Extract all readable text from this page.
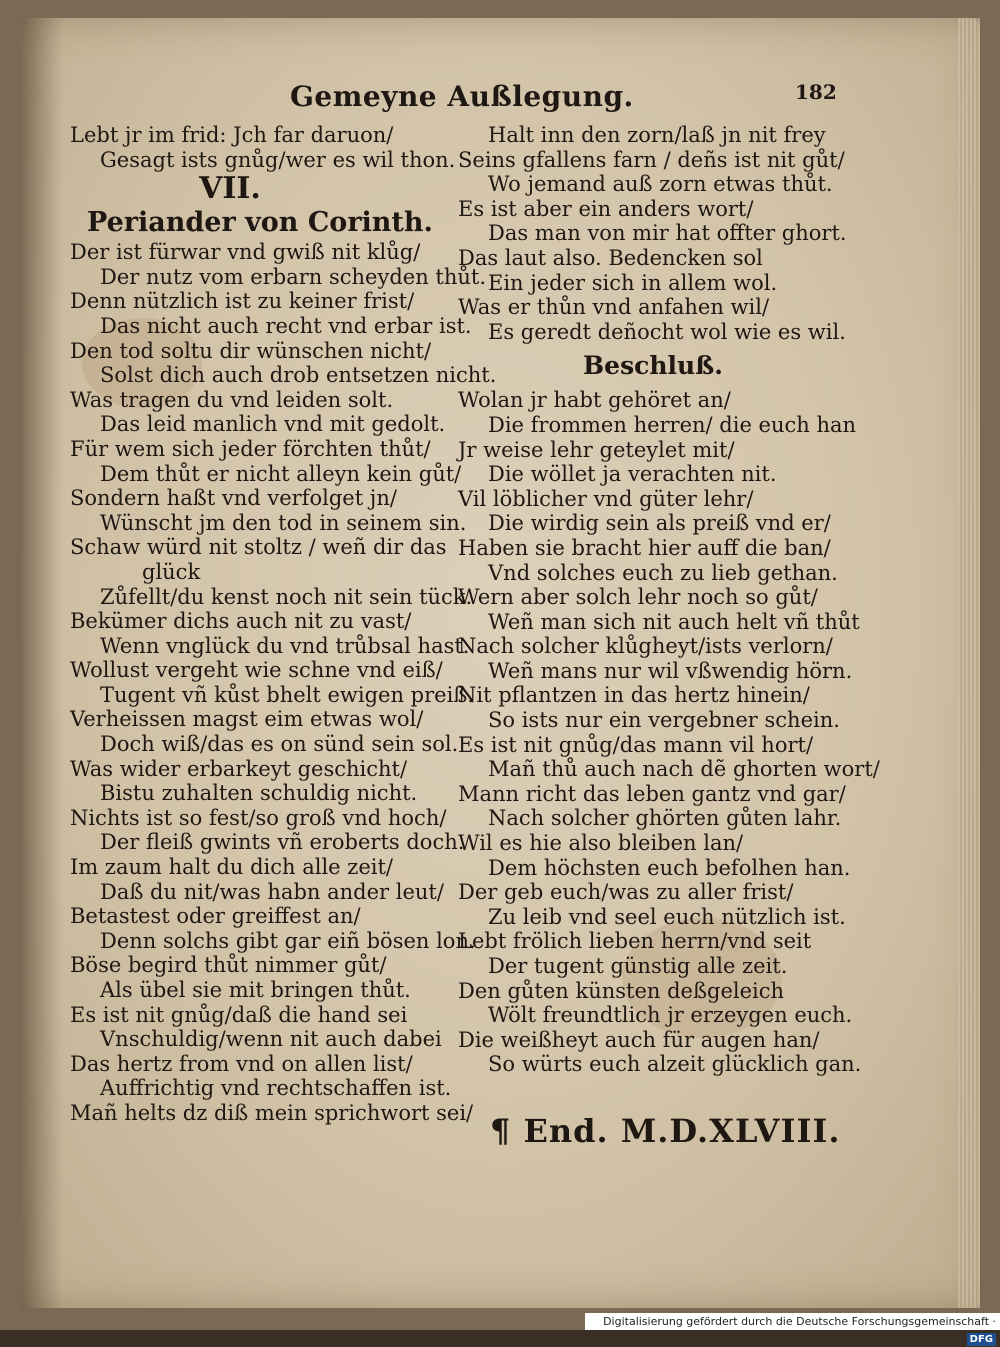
Gemeyne Außlegung.	182
Lebt jr im frid: Jch far daruon/
Gesagt ists gnůg/wer es wil thon.
VII.
Periander von Corinth.
Der ist fürwar vnd gwiß nit klůg/
Der nutz vom erbarn scheyden thůt.
Denn nützlich ist zu keiner frist/
Das nicht auch recht vnd erbar ist.
Den tod soltu dir wünschen nicht/
Solst dich auch drob entsetzen nicht.
Was tragen du vnd leiden solt.
Das leid manlich vnd mit gedolt.
Für wem sich jeder förchten thůt/
Dem thůt er nicht alleyn kein gůt/
Sondern haßt vnd verfolget jn/
Wünscht jm den tod in seinem sin.
Schaw würd nit stoltz / weñ dir das
glück
Zůfellt/du kenst noch nit sein tück.
Bekümer dichs auch nit zu vast/
Wenn vnglück du vnd trůbsal hast.
Wollust vergeht wie schne vnd eiß/
Tugent vñ kůst bhelt ewigen preiß.
Verheissen magst eim etwas wol/
Doch wiß/das es on sünd sein sol.
Was wider erbarkeyt geschicht/
Bistu zuhalten schuldig nicht.
Nichts ist so fest/so groß vnd hoch/
Der fleiß gwints vñ eroberts doch.
Im zaum halt du dich alle zeit/
Daß du nit/was habn ander leut/
Betastest oder greiffest an/
Denn solchs gibt gar eiñ bösen lon.
Böse begird thůt nimmer gůt/
Als übel sie mit bringen thůt.
Es ist nit gnůg/daß die hand sei
Vnschuldig/wenn nit auch dabei
Das hertz from vnd on allen list/
Auffrichtig vnd rechtschaffen ist.
Mañ helts dz diß mein sprichwort sei/
Halt inn den zorn/laß jn nit frey
Seins gfallens farn / deñs ist nit gůt/
Wo jemand auß zorn etwas thůt.
Es ist aber ein anders wort/
Das man von mir hat offter ghort.
Das laut also. Bedencken sol
Ein jeder sich in allem wol.
Was er thůn vnd anfahen wil/
Es geredt deñocht wol wie es wil.
Beschluß.
Wolan jr habt gehöret an/
Die frommen herren/ die euch han
Jr weise lehr geteylet mit/
Die wöllet ja verachten nit.
Vil löblicher vnd güter lehr/
Die wirdig sein als preiß vnd er/
Haben sie bracht hier auff die ban/
Vnd solches euch zu lieb gethan.
Wern aber solch lehr noch so gůt/
Weñ man sich nit auch helt vñ thůt
Nach solcher klůgheyt/ists verlorn/
Weñ mans nur wil vßwendig hörn.
Nit pflantzen in das hertz hinein/
So ists nur ein vergebner schein.
Es ist nit gnůg/das mann vil hort/
Mañ thů auch nach dẽ ghorten wort/
Mann richt das leben gantz vnd gar/
Nach solcher ghörten gůten lahr.
Wil es hie also bleiben lan/
Dem höchsten euch befolhen han.
Der geb euch/was zu aller frist/
Zu leib vnd seel euch nützlich ist.
Lebt frölich lieben herrn/vnd seit
Der tugent günstig alle zeit.
Den gůten künsten deßgeleich
Wölt freundtlich jr erzeygen euch.
Die weißheyt auch für augen han/
So würts euch alzeit glücklich gan.
¶ End. M.D.XLVIII.
Digitalisierung gefördert durch die Deutsche Forschungsgemeinschaft ·DFG
